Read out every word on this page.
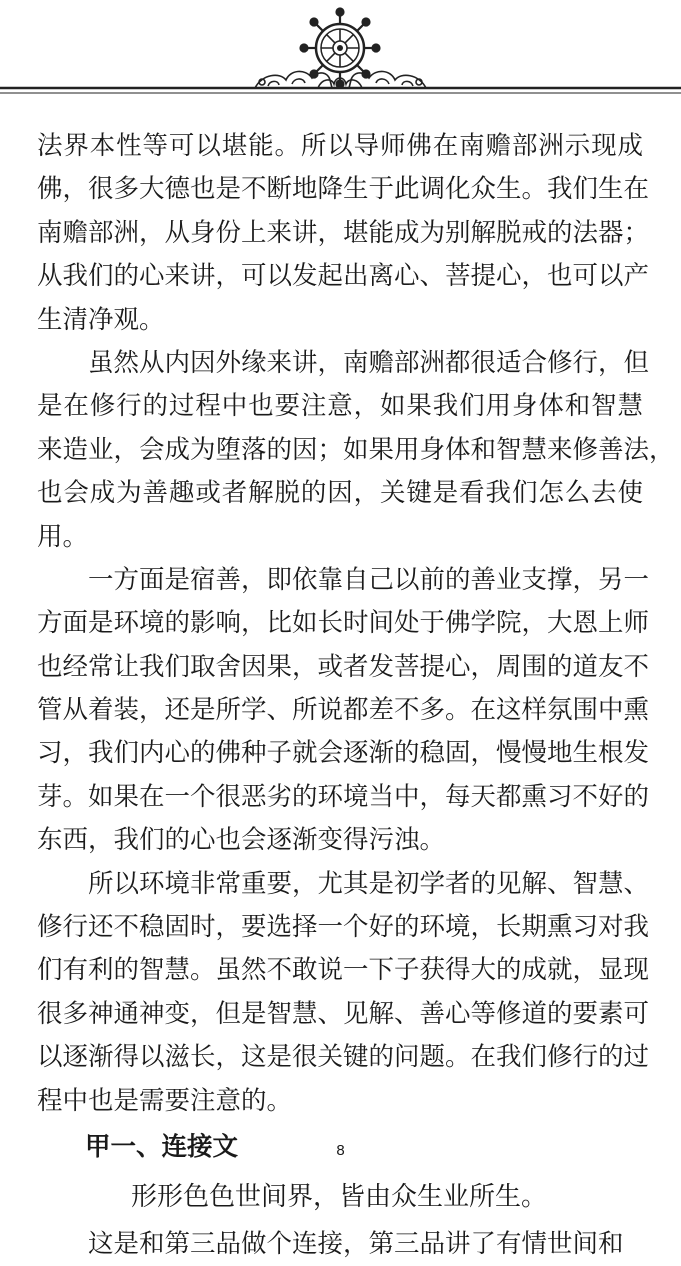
法界本性等可以堪能。所以导师佛在南赡部洲示现成
佛，很多大德也是不断地降生于此调化众生。我们生在
南赡部洲，从身份上来讲，堪能成为别解脱戒的法器；
从我们的心来讲，可以发起出离心、菩提心，也可以产
生清净观。
虽然从内因外缘来讲，南赡部洲都很适合修行，但
是在修行的过程中也要注意，如果我们用身体和智慧
来造业，会成为堕落的因；如果用身体和智慧来修善法，
也会成为善趣或者解脱的因，关键是看我们怎么去使
用。
一方面是宿善，即依靠自己以前的善业支撑，另一
方面是环境的影响，比如长时间处于佛学院，大恩上师
也经常让我们取舍因果，或者发菩提心，周围的道友不
管从着装，还是所学、所说都差不多。在这样氛围中熏
习，我们内心的佛种子就会逐渐的稳固，慢慢地生根发
芽。如果在一个很恶劣的环境当中，每天都熏习不好的
东西，我们的心也会逐渐变得污浊。
所以环境非常重要，尤其是初学者的见解、智慧、
修行还不稳固时，要选择一个好的环境，长期熏习对我
们有利的智慧。虽然不敢说一下子获得大的成就，显现
很多神通神变，但是智慧、见解、善心等修道的要素可
以逐渐得以滋长，这是很关键的问题。在我们修行的过
程中也是需要注意的。
甲一、连接文
形形色色世间界，皆由众生业所生。
这是和第三品做个连接，第三品讲了有情世间和
8
